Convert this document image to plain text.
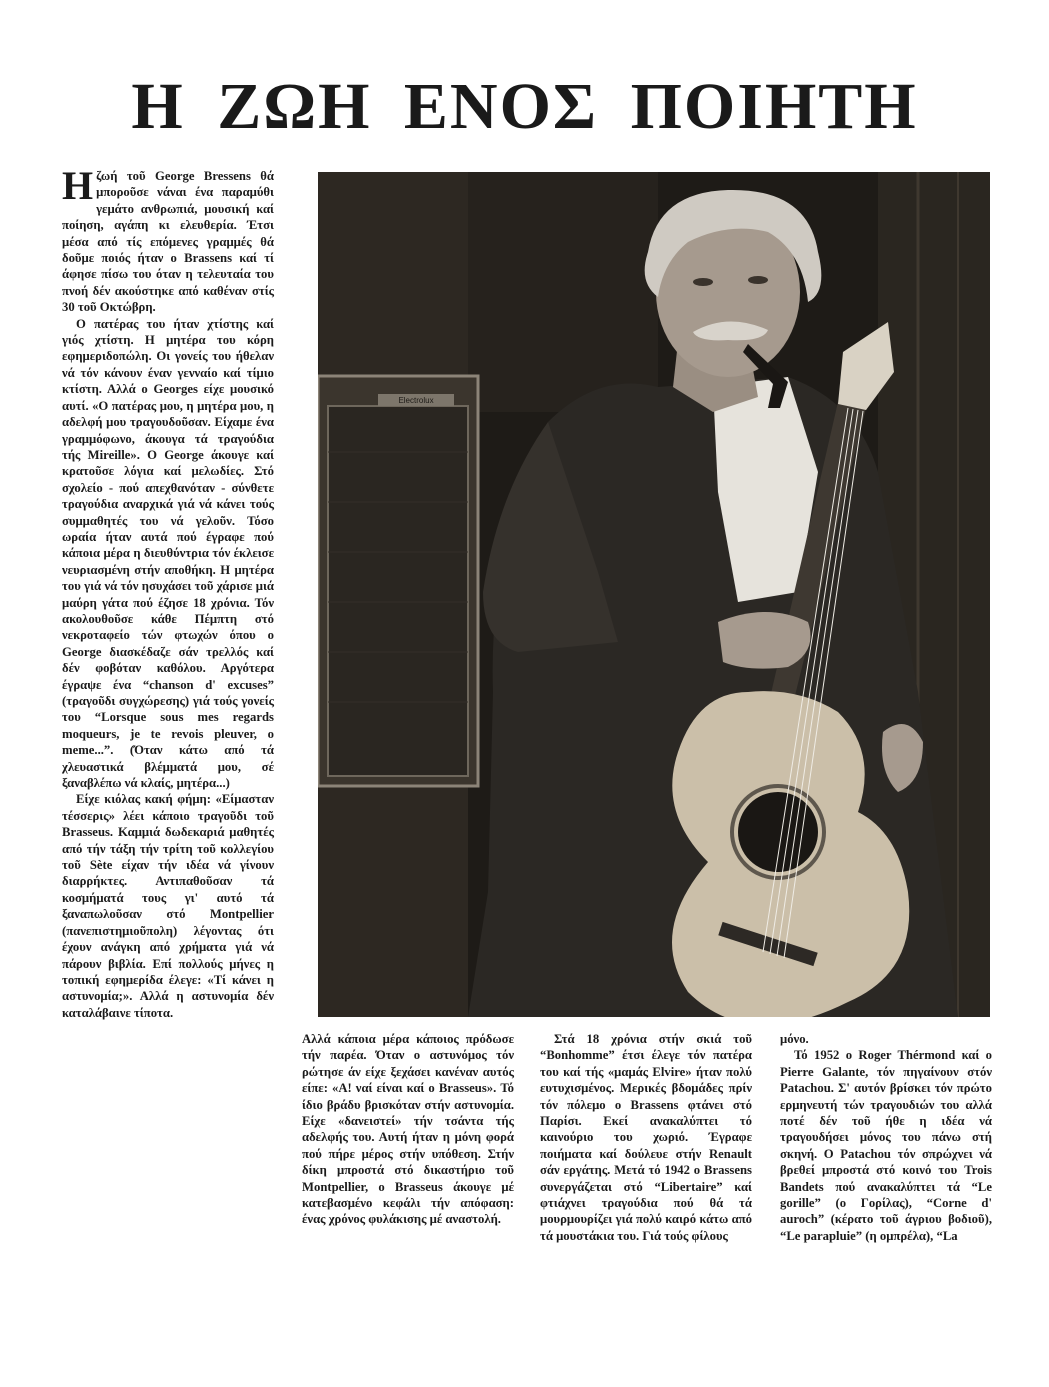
Η ΖΩΗ ΕΝΟΣ ΠΟΙΗΤΗ

Ηζωή τοῦ George Bressens θά μποροῦσε νάναι ένα παραμύθι γεμάτο ανθρωπιά, μουσική καί ποίηση, αγάπη κι ελευθερία. Έτσι μέσα από τίς επόμενες γραμμές θά δοῦμε ποιός ήταν ο Brassens καί τί άφησε πίσω του όταν η τελευταία του πνοή δέν ακούστηκε από καθέναν στίς 30 τοῦ Οκτώβρη.

Ο πατέρας του ήταν χτίστης καί γιός χτίστη. Η μητέρα του κόρη εφημεριδοπώλη. Οι γονείς του ήθελαν νά τόν κάνουν έναν γενναίο καί τίμιο κτίστη. Αλλά ο Georges είχε μουσικό αυτί. «Ο πατέρας μου, η μητέρα μου, η αδελφή μου τραγουδοῦσαν. Είχαμε ένα γραμμόφωνο, άκουγα τά τραγούδια τής Mireille». Ο George άκουγε καί κρατοῦσε λόγια καί μελωδίες. Στό σχολείο - πού απεχθανόταν - σύνθετε τραγούδια αναρχικά γιά νά κάνει τούς συμμαθητές του νά γελοῦν. Τόσο ωραία ήταν αυτά πού έγραφε πού κάποια μέρα η διευθύντρια τόν έκλεισε νευριασμένη στήν αποθήκη. Η μητέρα του γιά νά τόν ησυχάσει τοῦ χάρισε μιά μαύρη γάτα πού έζησε 18 χρόνια. Τόν ακολουθοῦσε κάθε Πέμπτη στό νεκροταφείο τών φτωχών όπου ο George διασκέδαζε σάν τρελλός καί δέν φοβόταν καθόλου. Αργότερα έγραψε ένα “chanson d' excuses” (τραγοῦδι συγχώρεσης) γιά τούς γονείς του “Lorsque sous mes regards moqueurs, je te revois pleuver, o meme...”. (Όταν κάτω από τά χλευαστικά βλέμματά μου, σέ ξαναβλέπω νά κλαίς, μητέρα...)

Είχε κιόλας κακή φήμη: «Είμασταν τέσσερις» λέει κάποιο τραγοῦδι τοῦ Brasseus. Καμμιά δωδεκαριά μαθητές από τήν τάξη τήν τρίτη τοῦ κολλεγίου τοῦ Sète είχαν τήν ιδέα νά γίνουν διαρρήκτες. Αντιπαθοῦσαν τά κοσμήματά τους γι' αυτό τά ξαναπωλοῦσαν στό Montpellier (πανεπιστημιοῦπολη) λέγοντας ότι έχουν ανάγκη από χρήματα γιά νά πάρουν βιβλία. Επί πολλούς μήνες η τοπική εφημερίδα έλεγε: «Τί κάνει η αστυνομία;». Αλλά η αστυνομία δέν καταλάβαινε τίποτα.

Electrolux

Αλλά κάποια μέρα κάποιος πρόδωσε τήν παρέα. Όταν ο αστυνόμος τόν ρώτησε άν είχε ξεχάσει κανέναν αυτός είπε: «Α! ναί είναι καί ο Brasseus». Τό ίδιο βράδυ βρισκόταν στήν αστυνομία. Είχε «δανειστεί» τήν τσάντα τής αδελφής του. Αυτή ήταν η μόνη φορά πού πήρε μέρος στήν υπόθεση. Στήν δίκη μπροστά στό δικαστήριο τοῦ Montpellier, ο Brasseus άκουγε μέ κατεβασμένο κεφάλι τήν απόφαση: ένας χρόνος φυλάκισης μέ αναστολή.

Στά 18 χρόνια στήν σκιά τοῦ “Bonhomme” έτσι έλεγε τόν πατέρα του καί τής «μαμάς Elvire» ήταν πολύ ευτυχισμένος. Μερικές βδομάδες πρίν τόν πόλεμο ο Brassens φτάνει στό Παρίσι. Εκεί ανακαλύπτει τό καινούριο του χωριό. Έγραφε ποιήματα καί δούλευε στήν Renault σάν εργάτης. Μετά τό 1942 ο Brassens συνεργάζεται στό “Libertaire” καί φτιάχνει τραγούδια πού θά τά μουρμουρίζει γιά πολύ καιρό κάτω από τά μουστάκια του. Γιά τούς φίλους

μόνο.

Τό 1952 ο Roger Thérmond καί ο Pierre Galante, τόν πηγαίνουν στόν Patachou. Σ' αυτόν βρίσκει τόν πρώτο ερμηνευτή τών τραγουδιών του αλλά ποτέ δέν τοῦ ήθε η ιδέα νά τραγουδήσει μόνος του πάνω στή σκηνή. Ο Patachou τόν σπρώχνει νά βρεθεί μπροστά στό κοινό του Trois Bandets πού ανακαλύπτει τά “Le gorille” (ο Γορίλας), “Corne d' auroch” (κέρατο τοῦ άγριου βοδιοῦ), “Le parapluie” (η ομπρέλα), “La
